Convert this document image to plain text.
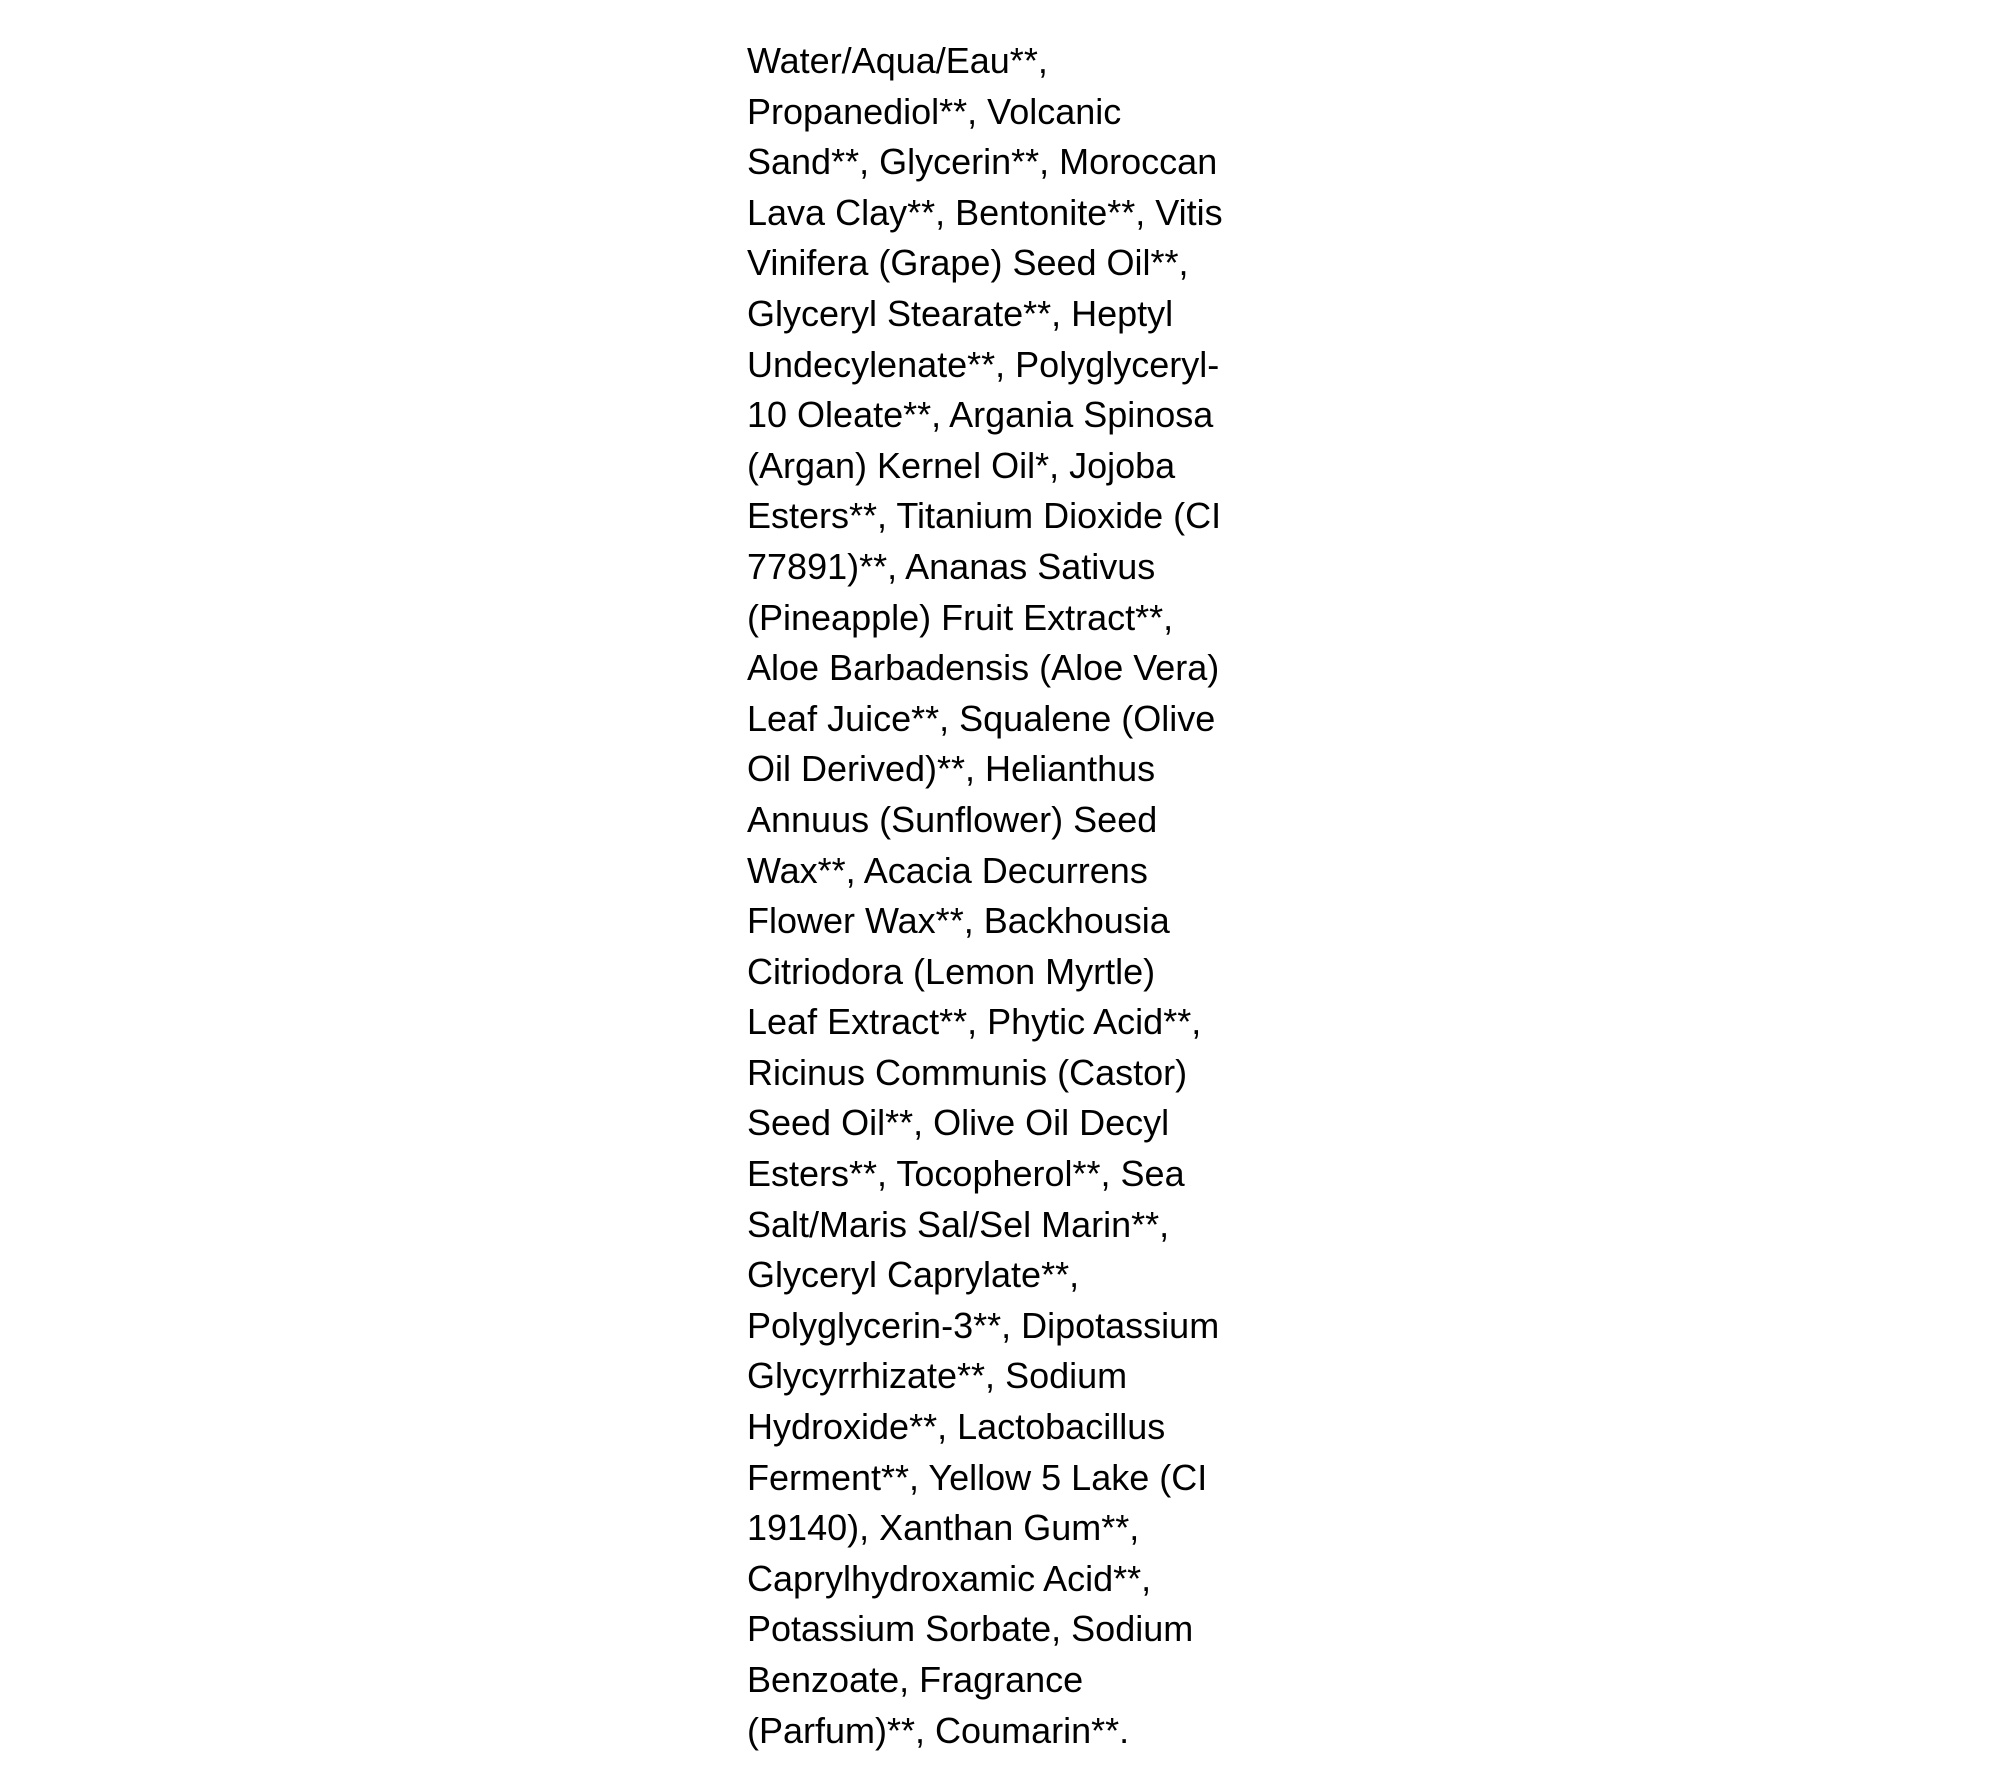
Water/Aqua/Eau**,
Propanediol**, Volcanic
Sand**, Glycerin**, Moroccan
Lava Clay**, Bentonite**, Vitis
Vinifera (Grape) Seed Oil**,
Glyceryl Stearate**, Heptyl
Undecylenate**, Polyglyceryl-
10 Oleate**, Argania Spinosa
(Argan) Kernel Oil*, Jojoba
Esters**, Titanium Dioxide (CI
77891)**, Ananas Sativus
(Pineapple) Fruit Extract**,
Aloe Barbadensis (Aloe Vera)
Leaf Juice**, Squalene (Olive
Oil Derived)**, Helianthus
Annuus (Sunflower) Seed
Wax**, Acacia Decurrens
Flower Wax**, Backhousia
Citriodora (Lemon Myrtle)
Leaf Extract**, Phytic Acid**,
Ricinus Communis (Castor)
Seed Oil**, Olive Oil Decyl
Esters**, Tocopherol**, Sea
Salt/Maris Sal/Sel Marin**,
Glyceryl Caprylate**,
Polyglycerin-3**, Dipotassium
Glycyrrhizate**, Sodium
Hydroxide**, Lactobacillus
Ferment**, Yellow 5 Lake (CI
19140), Xanthan Gum**,
Caprylhydroxamic Acid**,
Potassium Sorbate, Sodium
Benzoate, Fragrance
(Parfum)**, Coumarin**.
